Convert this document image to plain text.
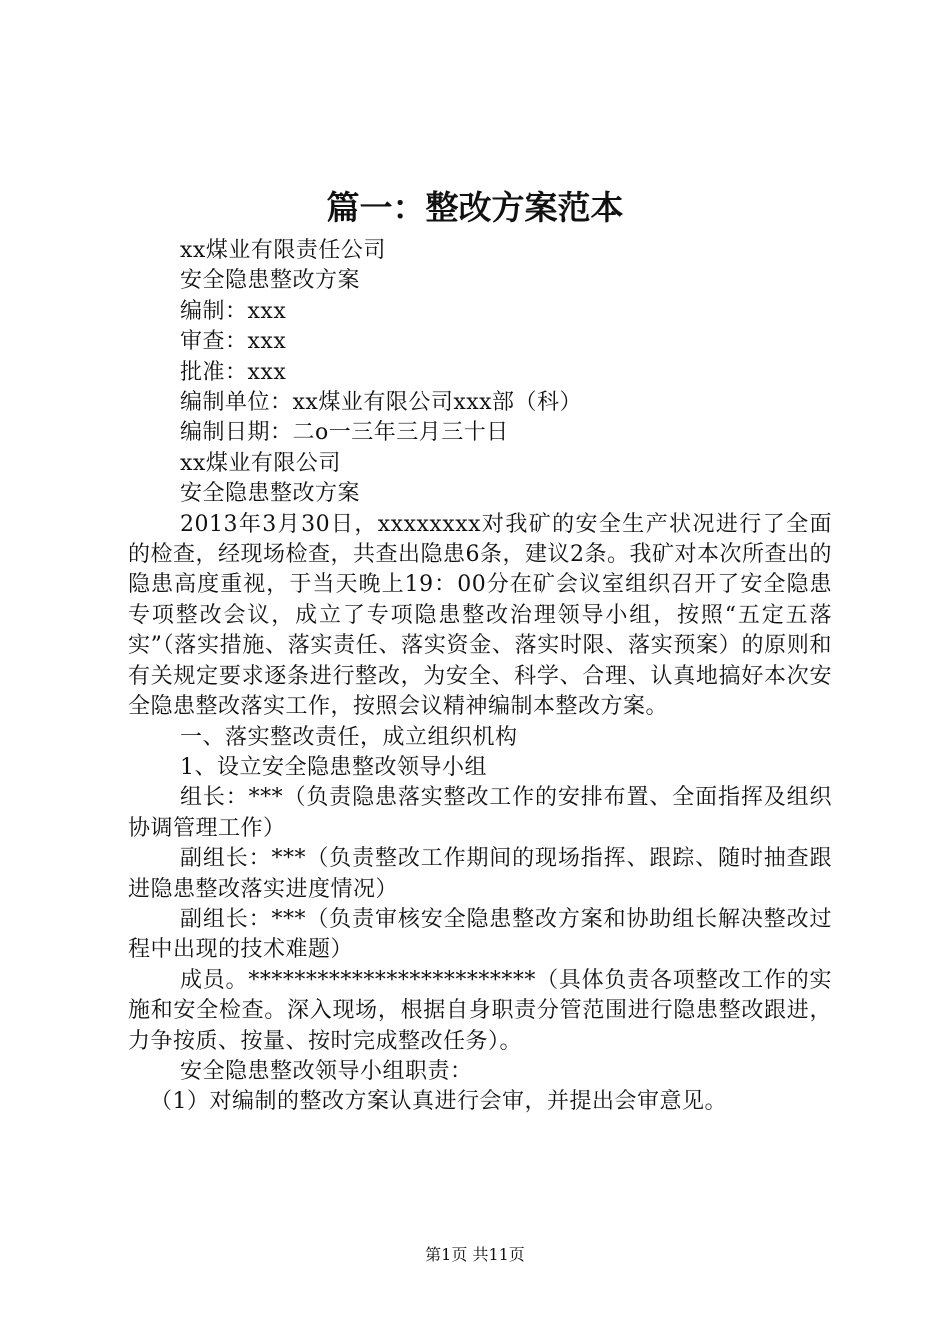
篇一：整改方案范本

xx煤业有限责任公司

安全隐患整改方案

编制：xxx

审查：xxx

批准：xxx

编制单位：xx煤业有限公司xxx部（科）

编制日期：二o一三年三月三十日

xx煤业有限公司

安全隐患整改方案

2013年3月30日，xxxxxxxx对我矿的安全生产状况进行了全面的检查，经现场检查，共查出隐患6条，建议2条。我矿对本次所查出的隐患高度重视，于当天晚上19：00分在矿会议室组织召开了安全隐患专项整改会议，成立了专项隐患整改治理领导小组，按照“五定五落实”（落实措施、落实责任、落实资金、落实时限、落实预案）的原则和有关规定要求逐条进行整改，为安全、科学、合理、认真地搞好本次安全隐患整改落实工作，按照会议精神编制本整改方案。

一、落实整改责任，成立组织机构

1、设立安全隐患整改领导小组

组长：***（负责隐患落实整改工作的安排布置、全面指挥及组织协调管理工作）

副组长：***（负责整改工作期间的现场指挥、跟踪、随时抽查跟进隐患整改落实进度情况）

副组长：***（负责审核安全隐患整改方案和协助组长解决整改过程中出现的技术难题）

成员。*************************（具体负责各项整改工作的实施和安全检查。深入现场，根据自身职责分管范围进行隐患整改跟进，力争按质、按量、按时完成整改任务）。

安全隐患整改领导小组职责：

（1）对编制的整改方案认真进行会审，并提出会审意见。

第1页 共11页
